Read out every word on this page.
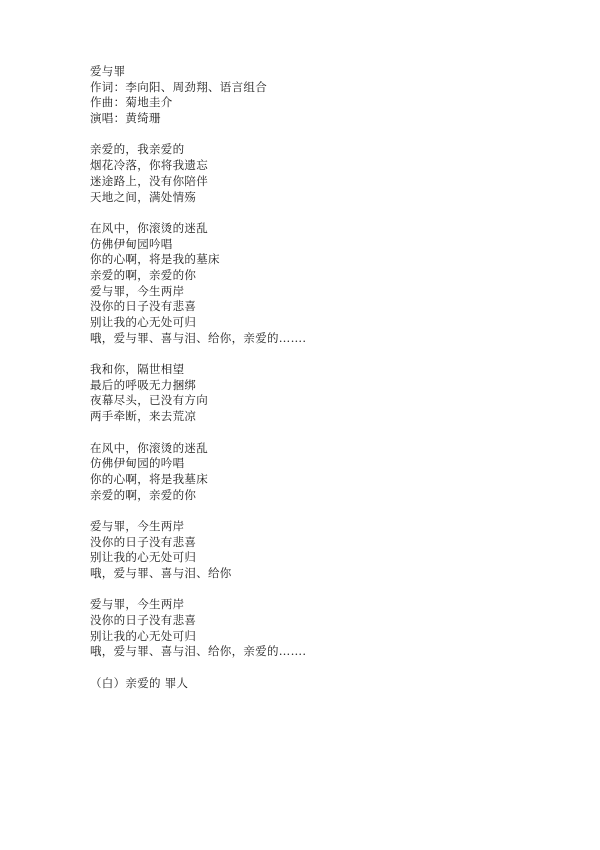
爱与罪
作词：李向阳、周劲翔、语言组合
作曲：菊地圭介
演唱：黄绮珊
亲爱的，我亲爱的
烟花冷落，你将我遗忘
迷途路上，没有你陪伴
天地之间，满处情殇
在风中，你滚烫的迷乱
仿佛伊甸园吟唱
你的心啊，将是我的墓床
亲爱的啊，亲爱的你
爱与罪，今生两岸
没你的日子没有悲喜
别让我的心无处可归
哦，爱与罪、喜与泪、给你，亲爱的…….
我和你，隔世相望
最后的呼吸无力捆绑
夜幕尽头，已没有方向
两手牵断，来去荒凉
在风中，你滚烫的迷乱
仿佛伊甸园的吟唱
你的心啊，将是我墓床
亲爱的啊，亲爱的你
爱与罪，今生两岸
没你的日子没有悲喜
别让我的心无处可归
哦，爱与罪、喜与泪、给你
爱与罪，今生两岸
没你的日子没有悲喜
别让我的心无处可归
哦，爱与罪、喜与泪、给你，亲爱的…….
（白）亲爱的 罪人
